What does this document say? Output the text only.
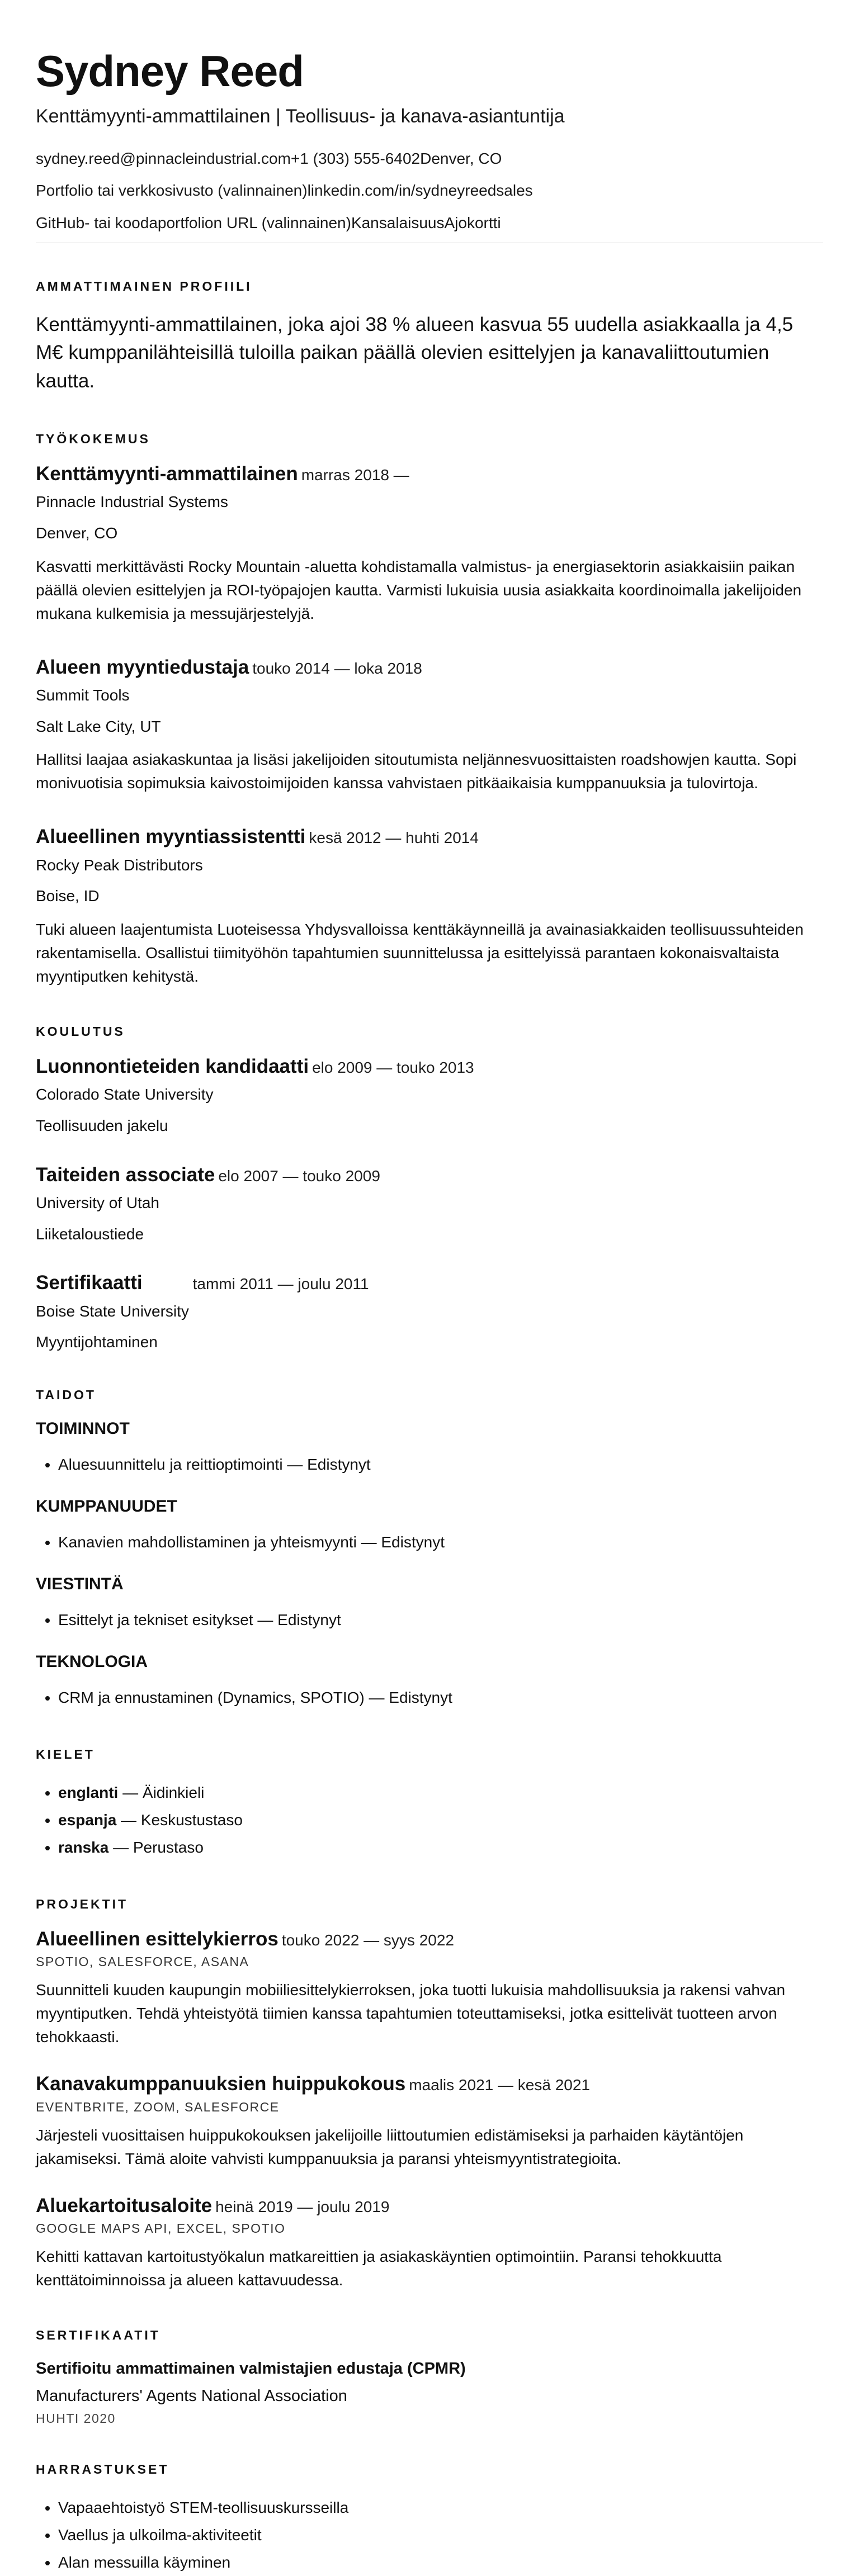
Sydney Reed
Kenttämyynti-ammattilainen | Teollisuus- ja kanava-asiantuntija
sydney.reed@pinnacleindustrial.com+1 (303) 555-6402Denver, CO
Portfolio tai verkkosivusto (valinnainen)linkedin.com/in/sydneyreedsales
GitHub- tai koodaportfolion URL (valinnainen)KansalaisuusAjokortti
AMMATTIMAINEN PROFIILI

Kenttämyynti-ammattilainen, joka ajoi 38 % alueen kasvua 55 uudella asiakkaalla ja 4,5 M€ kumppanilähteisillä tuloilla paikan päällä olevien esittelyjen ja kanavaliittoutumien kautta.

TYÖKOKEMUS
Kenttämyynti-ammattilainen marras 2018 —
Pinnacle Industrial Systems
Denver, CO

Kasvatti merkittävästi Rocky Mountain -aluetta kohdistamalla valmistus- ja energiasektorin asiakkaisiin paikan päällä olevien esittelyjen ja ROI-työpajojen kautta. Varmisti lukuisia uusia asiakkaita koordinoimalla jakelijoiden mukana kulkemisia ja messujärjestelyjä.

Alueen myyntiedustaja touko 2014 — loka 2018
Summit Tools
Salt Lake City, UT

Hallitsi laajaa asiakaskuntaa ja lisäsi jakelijoiden sitoutumista neljännesvuosittaisten roadshowjen kautta. Sopi monivuotisia sopimuksia kaivostoimijoiden kanssa vahvistaen pitkäaikaisia kumppanuuksia ja tulovirtoja.

Alueellinen myyntiassistentti kesä 2012 — huhti 2014
Rocky Peak Distributors
Boise, ID

Tuki alueen laajentumista Luoteisessa Yhdysvalloissa kenttäkäynneillä ja avainasiakkaiden teollisuussuhteiden rakentamisella. Osallistui tiimityöhön tapahtumien suunnittelussa ja esittelyissä parantaen kokonaisvaltaista myyntiputken kehitystä.

KOULUTUS
Luonnontieteiden kandidaatti elo 2009 — touko 2013
Colorado State University
Teollisuuden jakelu
Taiteiden associate elo 2007 — touko 2009
University of Utah
Liiketaloustiede
Sertifikaatti	tammi 2011 — joulu 2011
Boise State University
Myyntijohtaminen
TAIDOT
TOIMINNOT
• Aluesuunnittelu ja reittioptimointi — Edistynyt
KUMPPANUUDET
• Kanavien mahdollistaminen ja yhteismyynti — Edistynyt
VIESTINTÄ
• Esittelyt ja tekniset esitykset — Edistynyt
TEKNOLOGIA
• CRM ja ennustaminen (Dynamics, SPOTIO) — Edistynyt
KIELET
• englanti — Äidinkieli
• espanja — Keskustustaso
• ranska — Perustaso
PROJEKTIT
Alueellinen esittelykierros touko 2022 — syys 2022
SPOTIO, SALESFORCE, ASANA

Suunnitteli kuuden kaupungin mobiiliesittelykierroksen, joka tuotti lukuisia mahdollisuuksia ja rakensi vahvan myyntiputken. Tehdä yhteistyötä tiimien kanssa tapahtumien toteuttamiseksi, jotka esittelivät tuotteen arvon tehokkaasti.

Kanavakumppanuuksien huippukokous maalis 2021 — kesä 2021
EVENTBRITE, ZOOM, SALESFORCE

Järjesteli vuosittaisen huippukokouksen jakelijoille liittoutumien edistämiseksi ja parhaiden käytäntöjen jakamiseksi. Tämä aloite vahvisti kumppanuuksia ja paransi yhteismyyntistrategioita.

Aluekartoitusaloite heinä 2019 — joulu 2019
GOOGLE MAPS API, EXCEL, SPOTIO

Kehitti kattavan kartoitustyökalun matkareittien ja asiakaskäyntien optimointiin. Paransi tehokkuutta kenttätoiminnoissa ja alueen kattavuudessa.

SERTIFIKAATIT
Sertifioitu ammattimainen valmistajien edustaja (CPMR)
Manufacturers' Agents National Association
HUHTI 2020
HARRASTUKSET
• Vapaaehtoistyö STEM-teollisuuskursseilla
• Vaellus ja ulkoilma-aktiviteetit
• Alan messuilla käyminen
